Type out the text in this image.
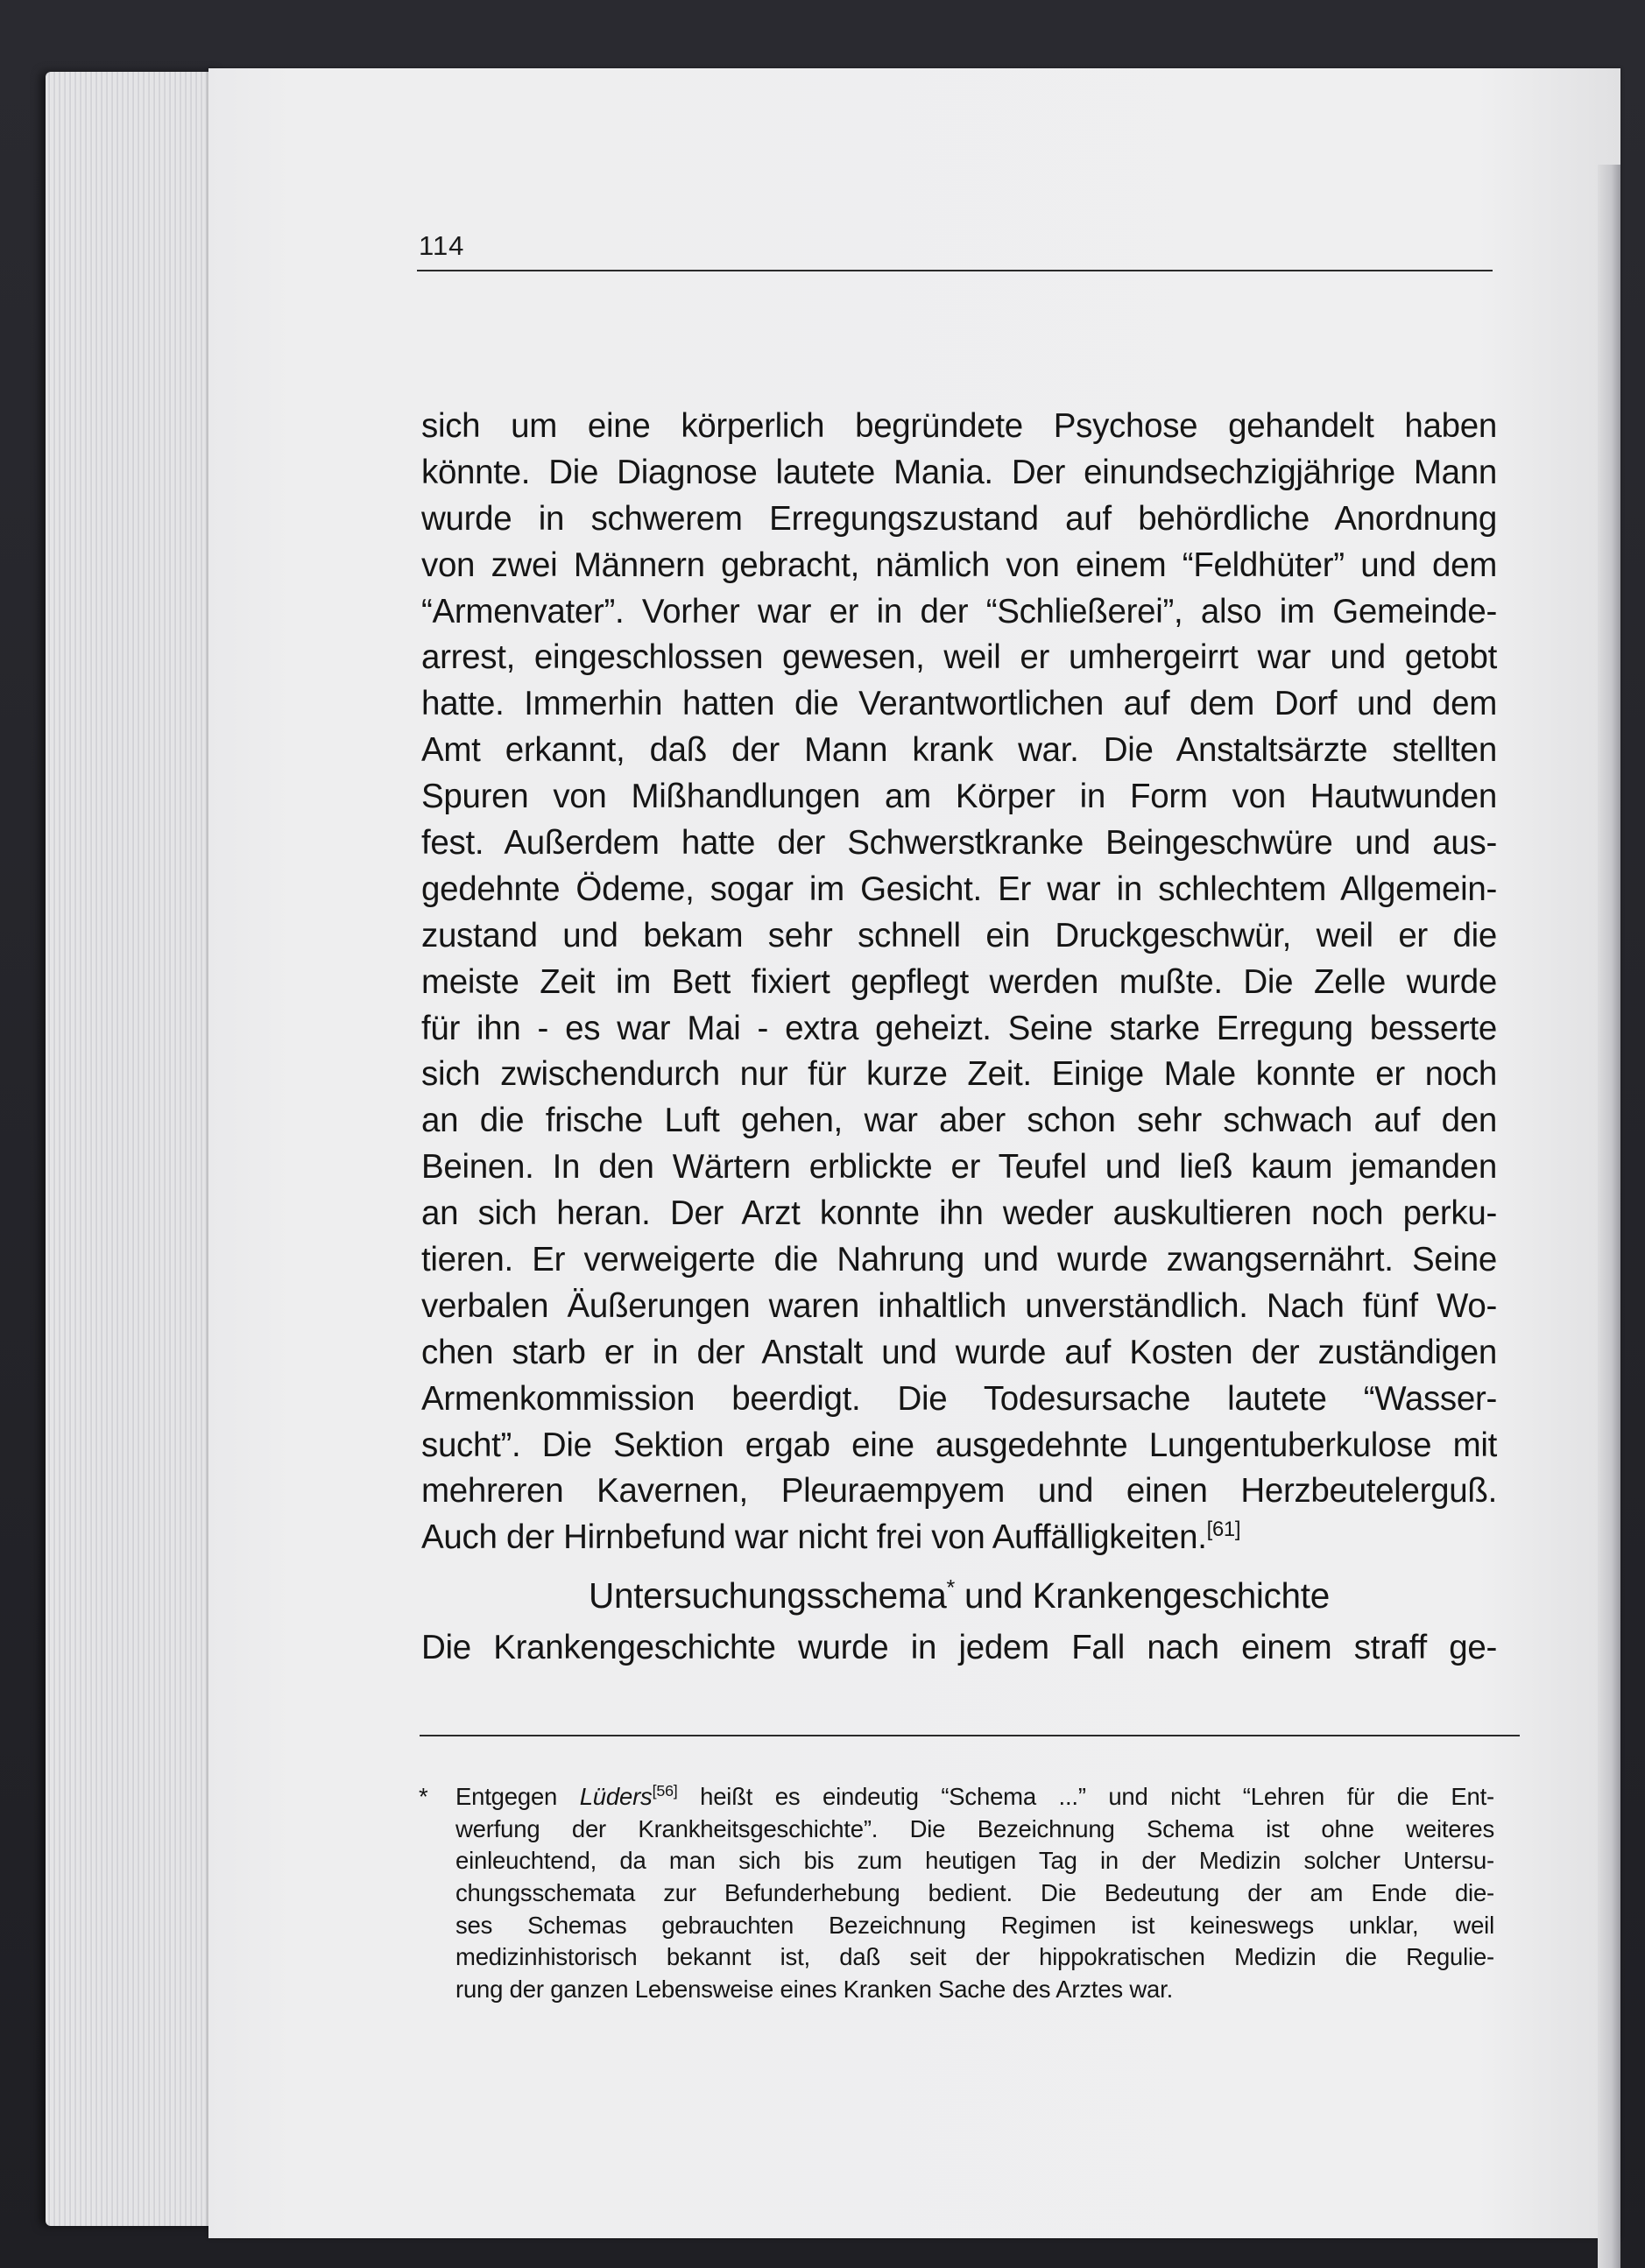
114
sich um eine körperlich begründete Psychose gehandelt haben
könnte. Die Diagnose lautete Mania. Der einundsechzigjährige Mann
wurde in schwerem Erregungszustand auf behördliche Anordnung
von zwei Männern gebracht, nämlich von einem “Feldhüter” und dem
“Armenvater”. Vorher war er in der “Schließerei”, also im Gemeinde-
arrest, eingeschlossen gewesen, weil er umhergeirrt war und getobt
hatte. Immerhin hatten die Verantwortlichen auf dem Dorf und dem
Amt erkannt, daß der Mann krank war. Die Anstaltsärzte stellten
Spuren von Mißhandlungen am Körper in Form von Hautwunden
fest. Außerdem hatte der Schwerstkranke Beingeschwüre und aus-
gedehnte Ödeme, sogar im Gesicht. Er war in schlechtem Allgemein-
zustand und bekam sehr schnell ein Druckgeschwür, weil er die
meiste Zeit im Bett fixiert gepflegt werden mußte. Die Zelle wurde
für ihn - es war Mai - extra geheizt. Seine starke Erregung besserte
sich zwischendurch nur für kurze Zeit. Einige Male konnte er noch
an die frische Luft gehen, war aber schon sehr schwach auf den
Beinen. In den Wärtern erblickte er Teufel und ließ kaum jemanden
an sich heran. Der Arzt konnte ihn weder auskultieren noch perku-
tieren. Er verweigerte die Nahrung und wurde zwangsernährt. Seine
verbalen Äußerungen waren inhaltlich unverständlich. Nach fünf Wo-
chen starb er in der Anstalt und wurde auf Kosten der zuständigen
Armenkommission beerdigt. Die Todesursache lautete “Wasser-
sucht”. Die Sektion ergab eine ausgedehnte Lungentuberkulose mit
mehreren Kavernen, Pleuraempyem und einen Herzbeutelerguß.
Auch der Hirnbefund war nicht frei von Auffälligkeiten.[61]
Untersuchungsschema* und Krankengeschichte
Die Krankengeschichte wurde in jedem Fall nach einem straff ge-
* Entgegen Lüders[56] heißt es eindeutig “Schema ...” und nicht “Lehren für die Ent-
werfung der Krankheitsgeschichte”. Die Bezeichnung Schema ist ohne weiteres
einleuchtend, da man sich bis zum heutigen Tag in der Medizin solcher Untersu-
chungsschemata zur Befunderhebung bedient. Die Bedeutung der am Ende die-
ses Schemas gebrauchten Bezeichnung Regimen ist keineswegs unklar, weil
medizinhistorisch bekannt ist, daß seit der hippokratischen Medizin die Regulie-
rung der ganzen Lebensweise eines Kranken Sache des Arztes war.
